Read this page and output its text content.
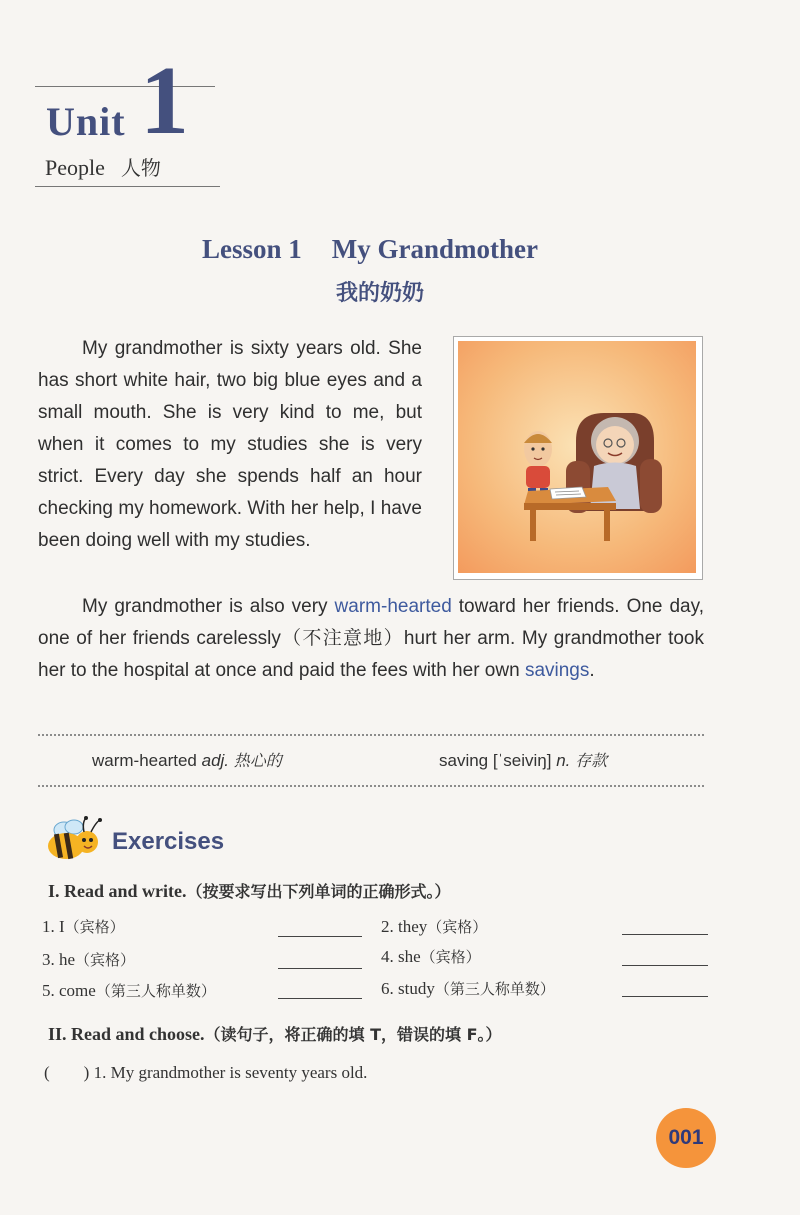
Unit 1
People 人物
Lesson 1 My Grandmother
我的奶奶
My grandmother is sixty years old. She has short white hair, two big blue eyes and a small mouth. She is very kind to me, but when it comes to my studies she is very strict. Every day she spends half an hour checking my homework. With her help, I have been doing well with my studies.
My grandmother is also very warm-hearted toward her friends. One day, one of her friends carelessly（不注意地）hurt her arm. My grandmother took her to the hospital at once and paid the fees with her own savings.
warm-hearted adj. 热心的	saving [ˈseiviŋ] n. 存款
Exercises
I. Read and write.（按要求写出下列单词的正确形式。）
1. I（宾格）	2. they（宾格）
3. he（宾格）	4. she（宾格）
5. come（第三人称单数）	6. study（第三人称单数）
II. Read and choose.（读句子，将正确的填 T，错误的填 F。）
(　　) 1. My grandmother is seventy years old.
001
